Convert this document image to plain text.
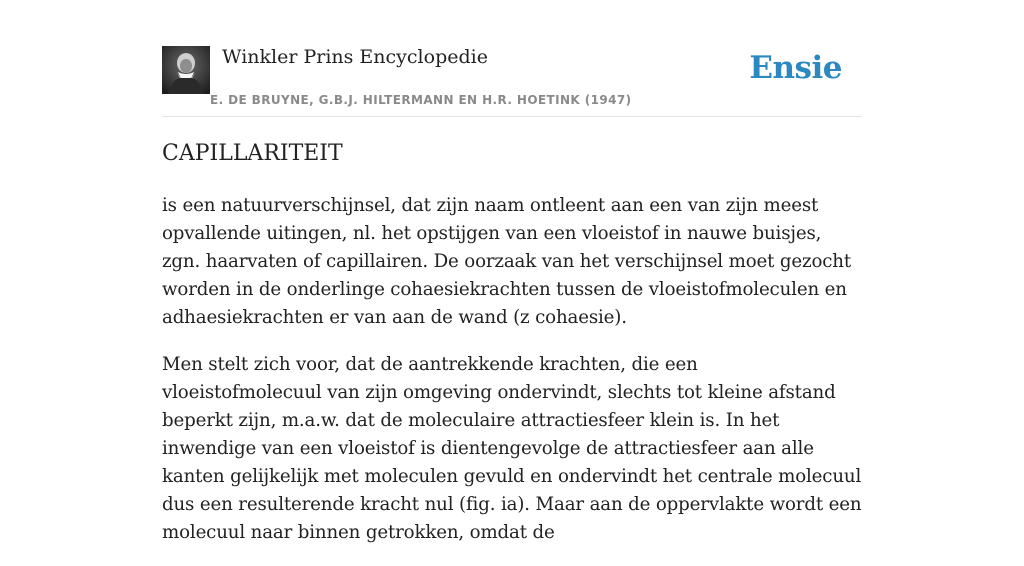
Winkler Prins Encyclopedie
E. DE BRUYNE, G.B.J. HILTERMANN EN H.R. HOETINK (1947)
Ensie
CAPILLARITEIT

is een natuurverschijnsel, dat zijn naam ontleent aan een van zijn meest opvallende uitingen, nl. het opstijgen van een vloeistof in nauwe buisjes, zgn. haarvaten of capillairen. De oorzaak van het verschijnsel moet gezocht worden in de onderlinge cohaesiekrachten tussen de vloeistofmoleculen en adhaesiekrachten er van aan de wand (z cohaesie).

Men stelt zich voor, dat de aantrekkende krachten, die een vloeistofmolecuul van zijn omgeving ondervindt, slechts tot kleine afstand beperkt zijn, m.a.w. dat de moleculaire attractiesfeer klein is. In het inwendige van een vloeistof is dientengevolge de attractiesfeer aan alle kanten gelijkelijk met moleculen gevuld en ondervindt het centrale molecuul dus een resulterende kracht nul (fig. ia). Maar aan de oppervlakte wordt een molecuul naar binnen getrokken, omdat de
